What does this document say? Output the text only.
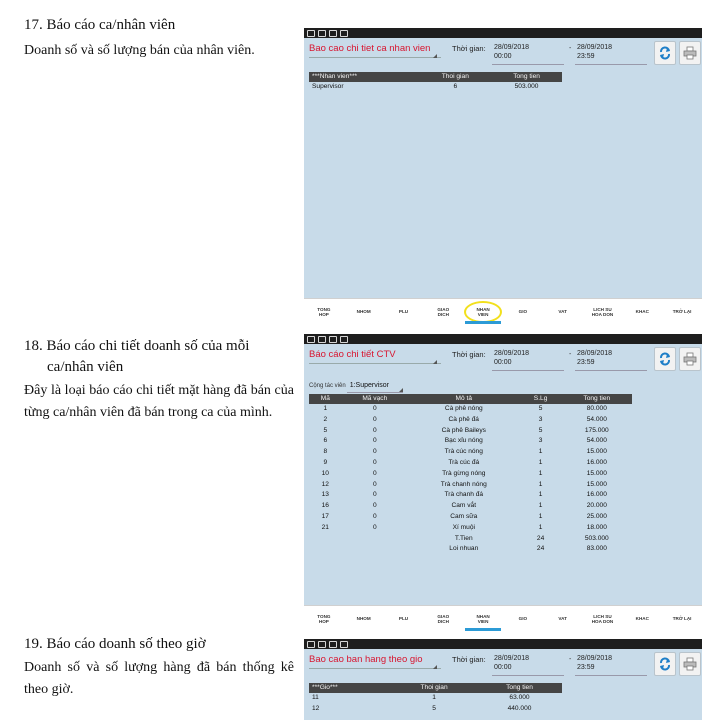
17. Báo cáo ca/nhân viên
Doanh số và số lượng bán của nhân viên.
18. Báo cáo chi tiết doanh số của mỗi
ca/nhân viên
Đây là loại báo cáo chi tiết mặt hàng đã bán của từng ca/nhân viên đã bán trong ca của mình.
19. Báo cáo doanh số theo giờ
Doanh số và số lượng hàng đã bán thống kê theo giờ.
Bao cao chi tiet ca nhan vien	Thời gian: 28/09/2018
00:00
- 28/09/2018
23:59
***Nhan vien***	Thoi gian	Tong tien
Supervisor	6	503.000
TONG
HOP	NHOM	PLU	GIAO
DICH
NHAN
VIEN	GIO	VAT	LICH SU
HOA DON	KHAC	TRỞ LẠI
Báo cáo chi tiết CTV	Thời gian: 28/09/2018
00:00
- 28/09/2018
23:59
Cộng tác viên 1:Supervisor
Mã	Mã vạch	Mô tả	S.Lg	Tong tien
1	0	Cà phê nóng	5	80.000
2	0	Cà phê đá	3	54.000
5	0	Cà phê Baileys	5	175.000
6	0	Bạc xỉu nóng	3	54.000
8	0	Trà cúc nóng	1	15.000
9	0	Trà cúc đá	1	16.000
10	0	Trà gừng nóng	1	15.000
12	0	Trà chanh nóng	1	15.000
13	0	Trà chanh đá	1	16.000
16	0	Cam vắt	1	20.000
17	0	Cam sữa	1	25.000
21	0	Xí muội	1	18.000
		T.Tien	24	503.000
		Loi nhuan	24	83.000
TONG
HOP	NHOM	PLU	GIAO
DICH
NHAN
VIEN	GIO	VAT	LICH SU
HOA DON	KHAC	TRỞ LẠI
Bao cao ban hang theo gio	Thời gian: 28/09/2018
00:00
- 28/09/2018
23:59
***Gio***	Thoi gian	Tong tien
11	1	63.000
12	5	440.000
